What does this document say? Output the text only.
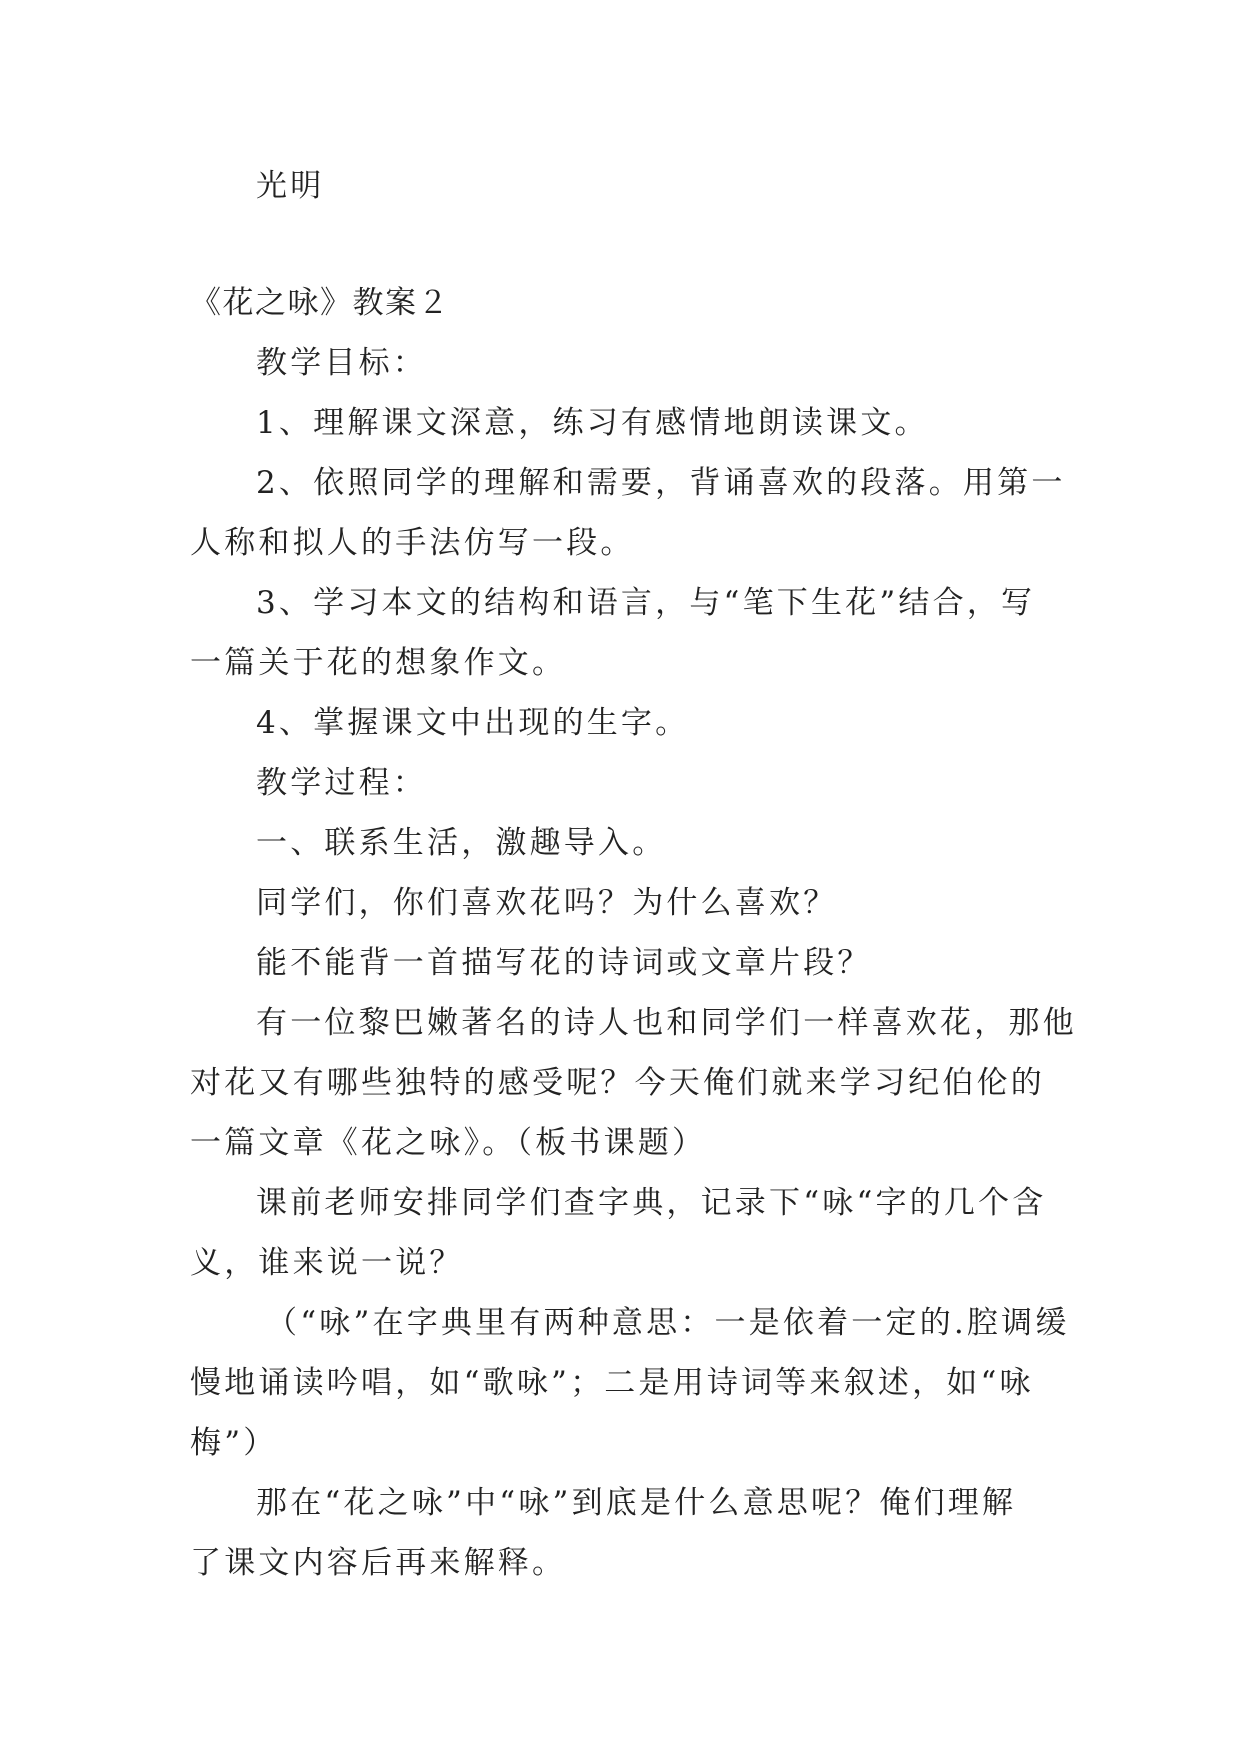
光明
《花之咏》教案２
教学目标：
1、理解课文深意，练习有感情地朗读课文。
2、依照同学的理解和需要，背诵喜欢的段落。用第一
人称和拟人的手法仿写一段。
3、学习本文的结构和语言，与“笔下生花”结合，写
一篇关于花的想象作文。
4、掌握课文中出现的生字。
教学过程：
一、联系生活，激趣导入。
同学们，你们喜欢花吗？为什么喜欢？
能不能背一首描写花的诗词或文章片段？
有一位黎巴嫩著名的诗人也和同学们一样喜欢花，那他
对花又有哪些独特的感受呢？今天俺们就来学习纪伯伦的
一篇文章《花之咏》。（板书课题）
课前老师安排同学们查字典，记录下“咏“字的几个含
义，谁来说一说？
（“咏”在字典里有两种意思：一是依着一定的.腔调缓
慢地诵读吟唱，如“歌咏”；二是用诗词等来叙述，如“咏
梅”）
那在“花之咏”中“咏”到底是什么意思呢？俺们理解
了课文内容后再来解释。
